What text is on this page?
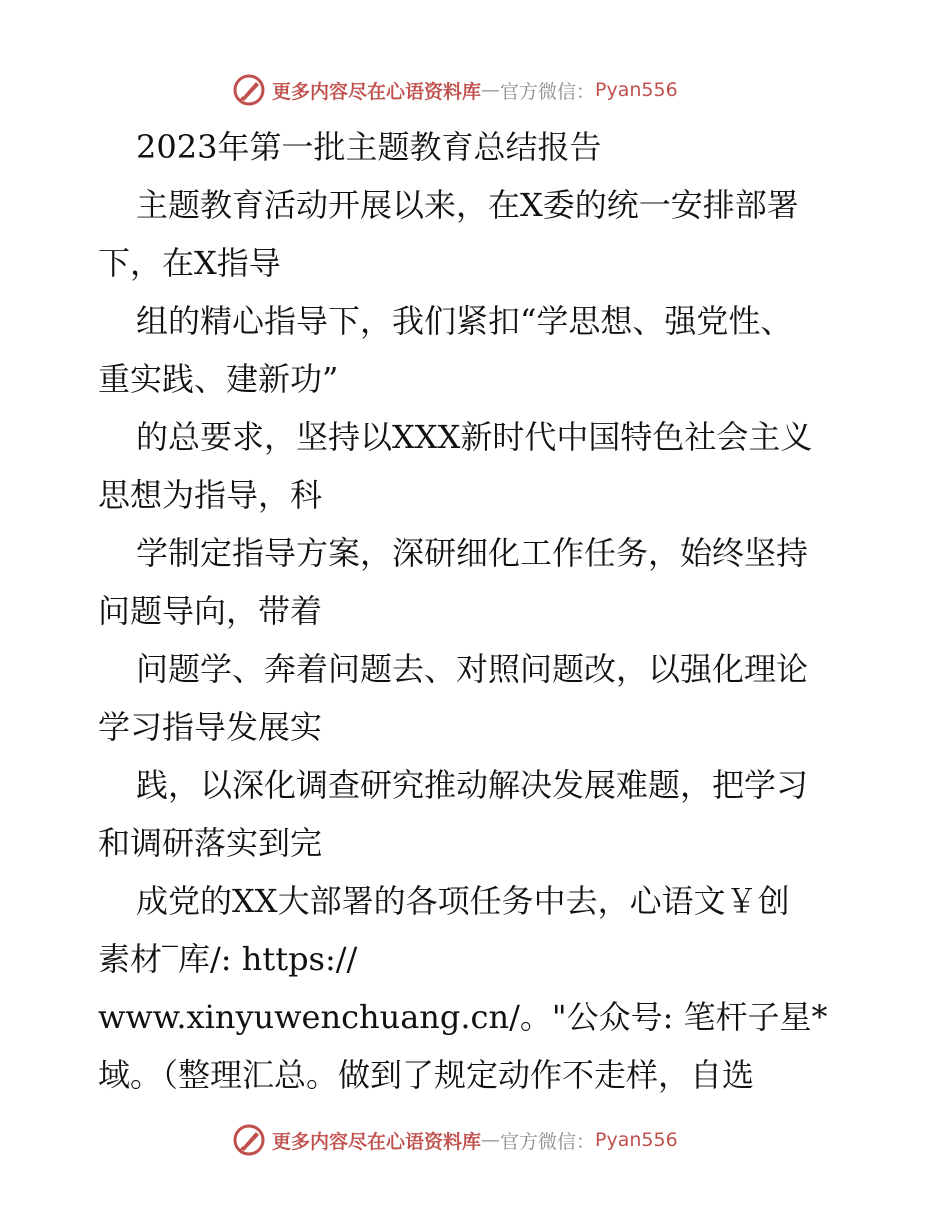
更多内容尽在心语资料库 — 官方微信： Pyan556
2023年第一批主题教育总结报告
主题教育活动开展以来，在X委的统一安排部署
下，在X指导
组的精心指导下，我们紧扣“学思想、强党性、
重实践、建新功”
的总要求，坚持以XXX新时代中国特色社会主义
思想为指导，科
学制定指导方案，深研细化工作任务，始终坚持
问题导向，带着
问题学、奔着问题去、对照问题改，以强化理论
学习指导发展实
践，以深化调查研究推动解决发展难题，把学习
和调研落实到完
成党的XX大部署的各项任务中去，心语文￥创
素材‾库/: https://
www.xinyuwenchuang.cn/。"公众号: 笔杆子星*
域。（整理汇总。做到了规定动作不走样，自选
更多内容尽在心语资料库 — 官方微信： Pyan556
